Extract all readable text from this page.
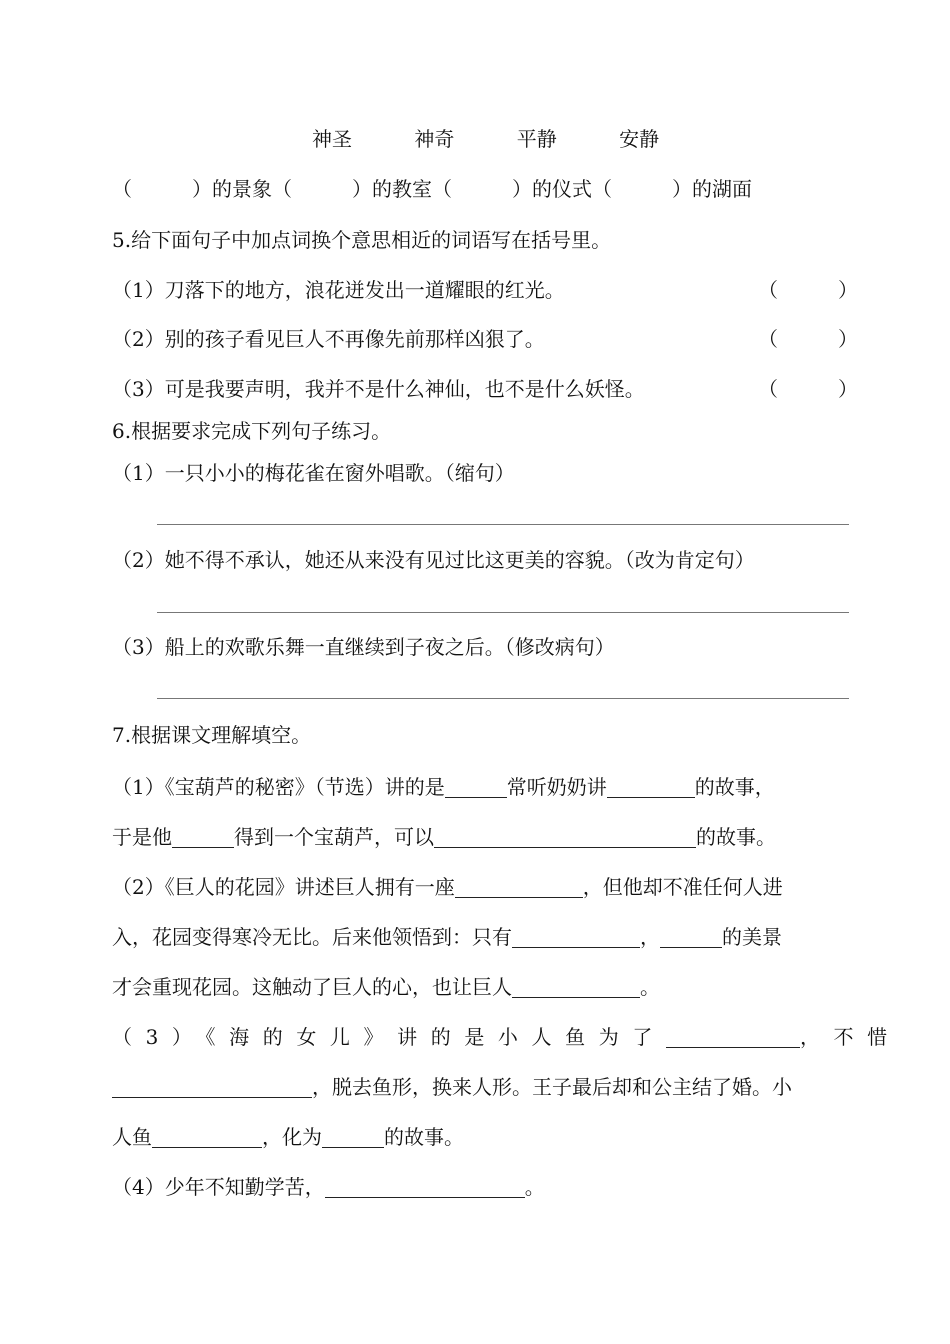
神圣	神奇	平静	安静
（　　　）的景象（　　　）的教室（　　　）的仪式（　　　）的湖面
5.给下面句子中加点词换个意思相近的词语写在括号里。
（1）刀落下的地方，浪花迸发出一道耀眼的红光。	（　　　）
（2）别的孩子看见巨人不再像先前那样凶狠了。	（　　　）
（3）可是我要声明，我并不是什么神仙，也不是什么妖怪。	（　　　）
6.根据要求完成下列句子练习。
（1）一只小小的梅花雀在窗外唱歌。（缩句）
（2）她不得不承认，她还从来没有见过比这更美的容貌。（改为肯定句）
（3）船上的欢歌乐舞一直继续到子夜之后。（修改病句）
7.根据课文理解填空。
（1）《宝葫芦的秘密》（节选）讲的是	常听奶奶讲	的故事，
于是他	得到一个宝葫芦，可以	的故事。
（2）《巨人的花园》讲述巨人拥有一座	，但他却不准任何人进
入，花园变得寒冷无比。后来他领悟到：只有	，	的美景
才会重现花园。这触动了巨人的心，也让巨人	。
（3）《海的女儿》讲的是小人鱼为了	，不惜
，脱去鱼形，换来人形。王子最后却和公主结了婚。小
人鱼	，化为	的故事。
（4）少年不知勤学苦，	。
